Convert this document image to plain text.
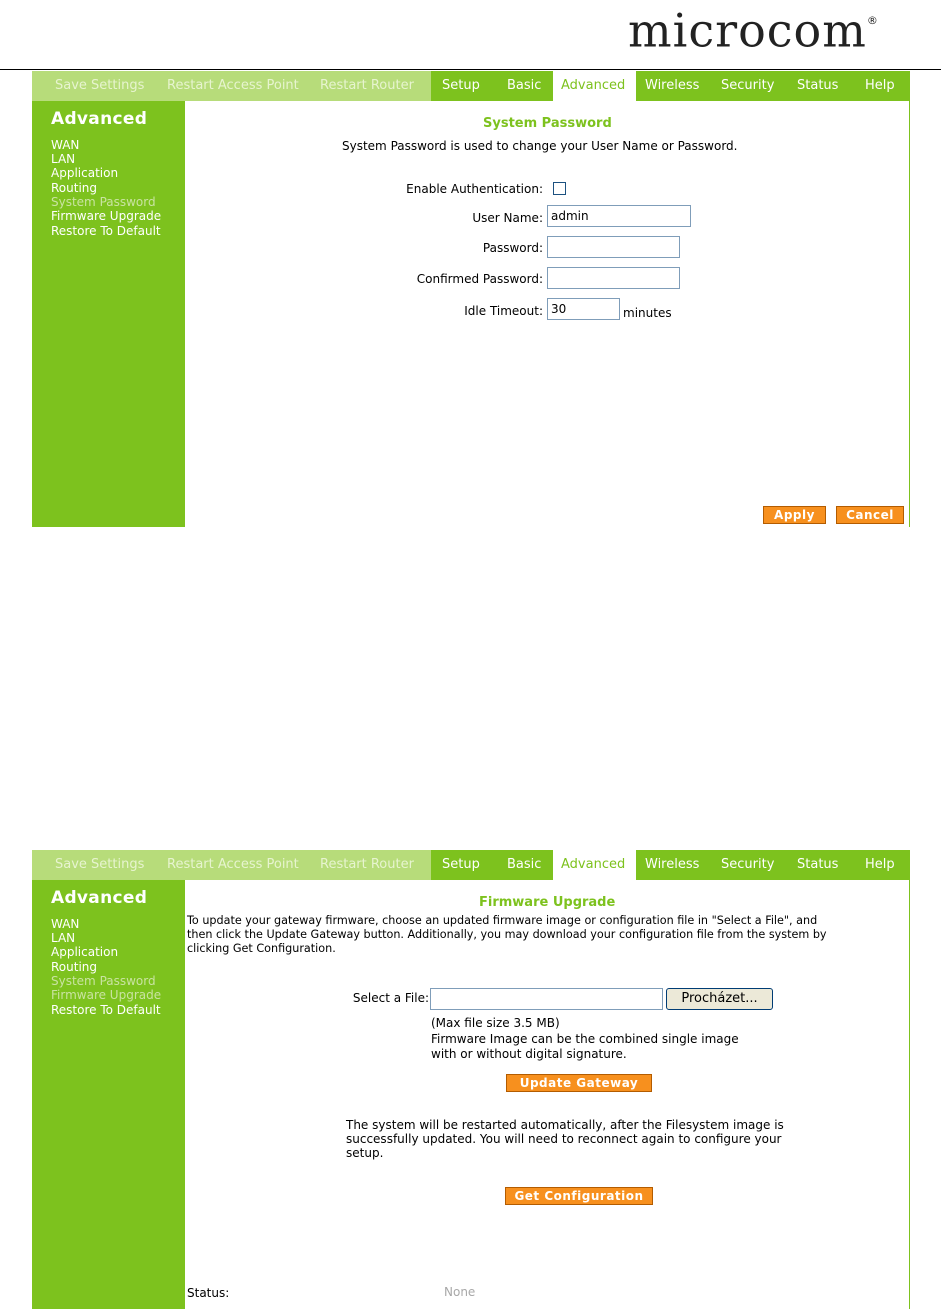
microcom®
Save Settings Restart Access Point Restart Router Setup Basic Advanced Wireless Security Status Help
Advanced
WAN
LAN
Application
Routing
System Password
Firmware Upgrade
Restore To Default
System Password
System Password is used to change your User Name or Password.
Enable Authentication:
User Name:
admin
Password:
Confirmed Password:
Idle Timeout:
30	minutes
Apply	Cancel
Save Settings Restart Access Point Restart Router Setup Basic Advanced Wireless Security Status Help
Advanced
WAN
LAN
Application
Routing
System Password
Firmware Upgrade
Restore To Default
Firmware Upgrade
To update your gateway firmware, choose an updated firmware image or configuration file in "Select a File", and
then click the Update Gateway button. Additionally, you may download your configuration file from the system by
clicking Get Configuration.
Select a File:	Procházet...
(Max file size 3.5 MB)
Firmware Image can be the combined single image
with or without digital signature.
Update Gateway
The system will be restarted automatically, after the Filesystem image is
successfully updated. You will need to reconnect again to configure your
setup.
Get Configuration
Status:	None
